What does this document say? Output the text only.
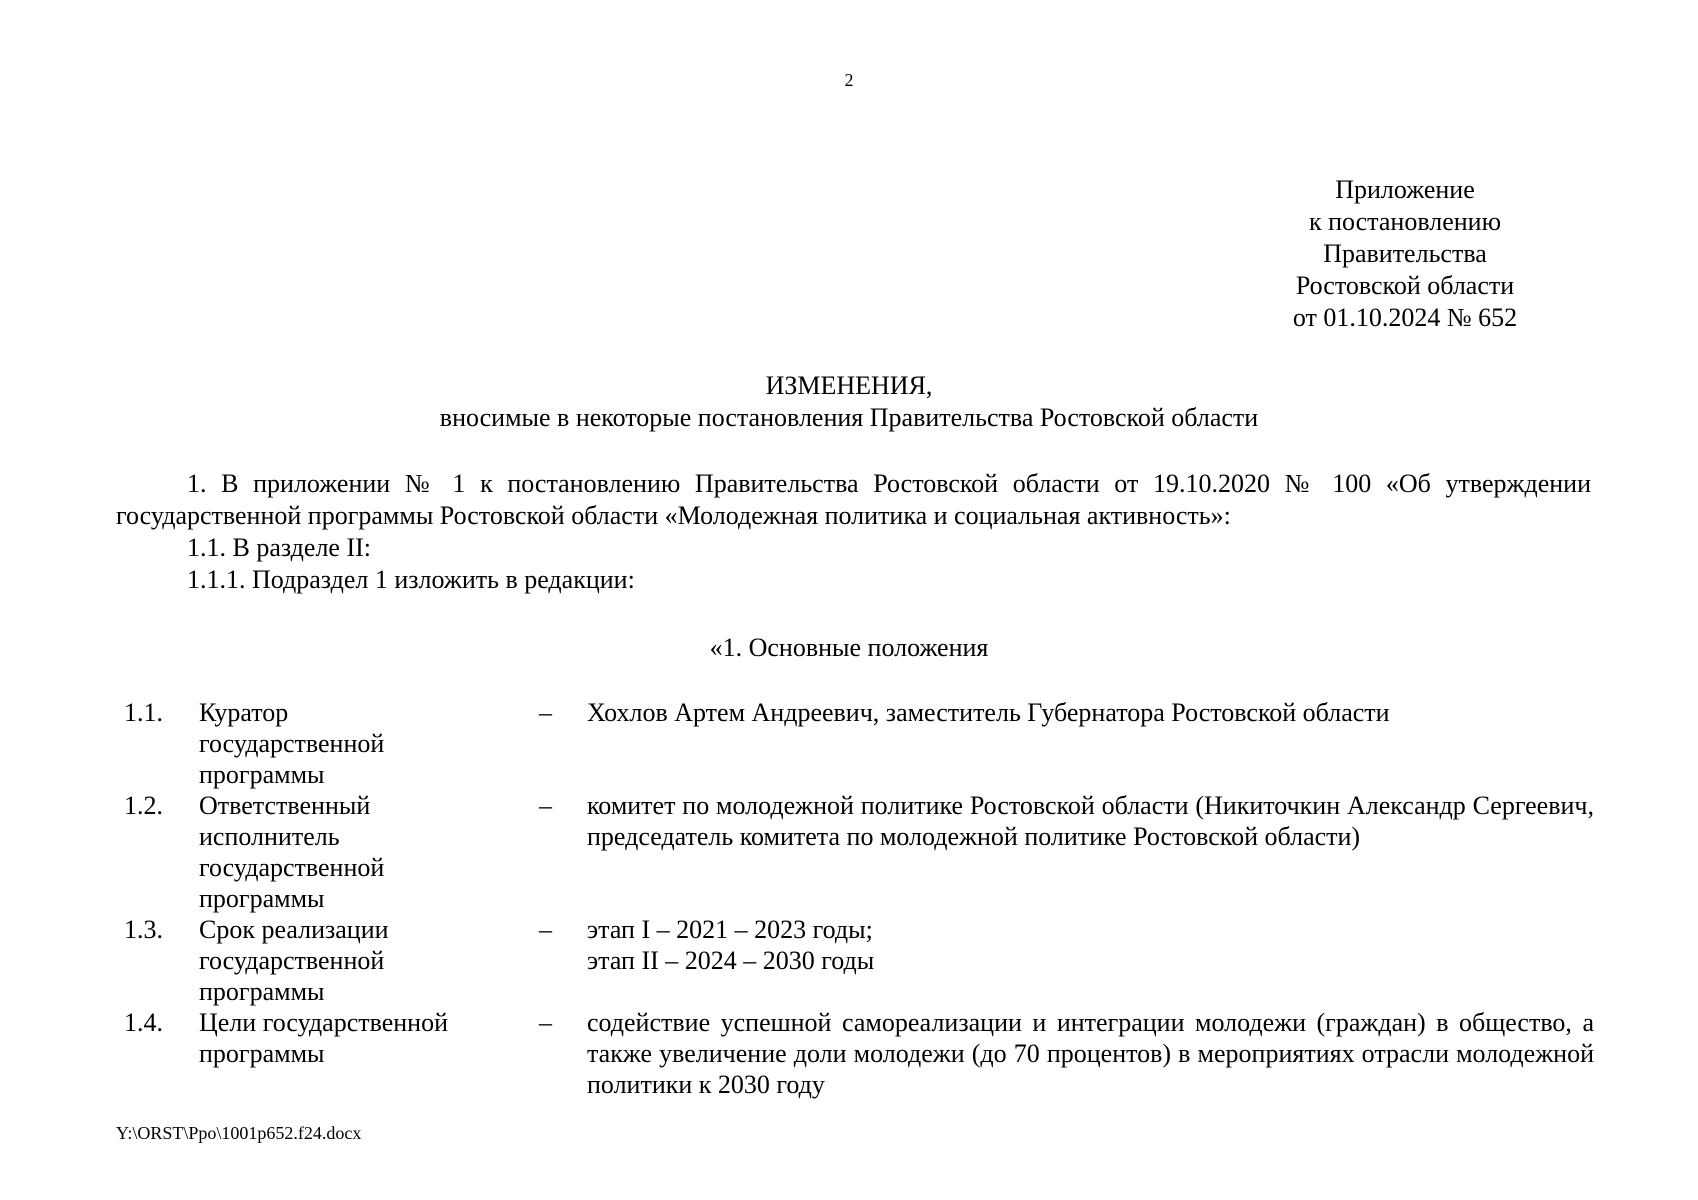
2
Приложение
к постановлению
Правительства
Ростовской области
от 01.10.2024 № 652
ИЗМЕНЕНИЯ,
вносимые в некоторые постановления Правительства Ростовской области

1. В приложении № 1 к постановлению Правительства Ростовской области от 19.10.2020 № 100 «Об утверждении государственной программы Ростовской области «Молодежная политика и социальная активность»:

1.1. В разделе II:

1.1.1. Подраздел 1 изложить в редакции:

«1. Основные положения
1.1.	Куратор
государственной
программы	–	Хохлов Артем Андреевич, заместитель Губернатора Ростовской области

1.2.	Ответственный
исполнитель
государственной
программы	–	комитет по молодежной политике Ростовской области (Никиточкин Александр Сергеевич, председатель комитета по молодежной политике Ростовской области)

1.3.	Срок реализации
государственной
программы	–	этап I – 2021 – 2023 годы;
этап II – 2024 – 2030 годы

1.4.	Цели государственной
программы	–	содействие успешной самореализации и интеграции молодежи (граждан) в общество, а также увеличение доли молодежи (до 70 процентов) в мероприятиях отрасли молодежной политики к 2030 году
Y:\ORST\Ppo\1001p652.f24.docx
